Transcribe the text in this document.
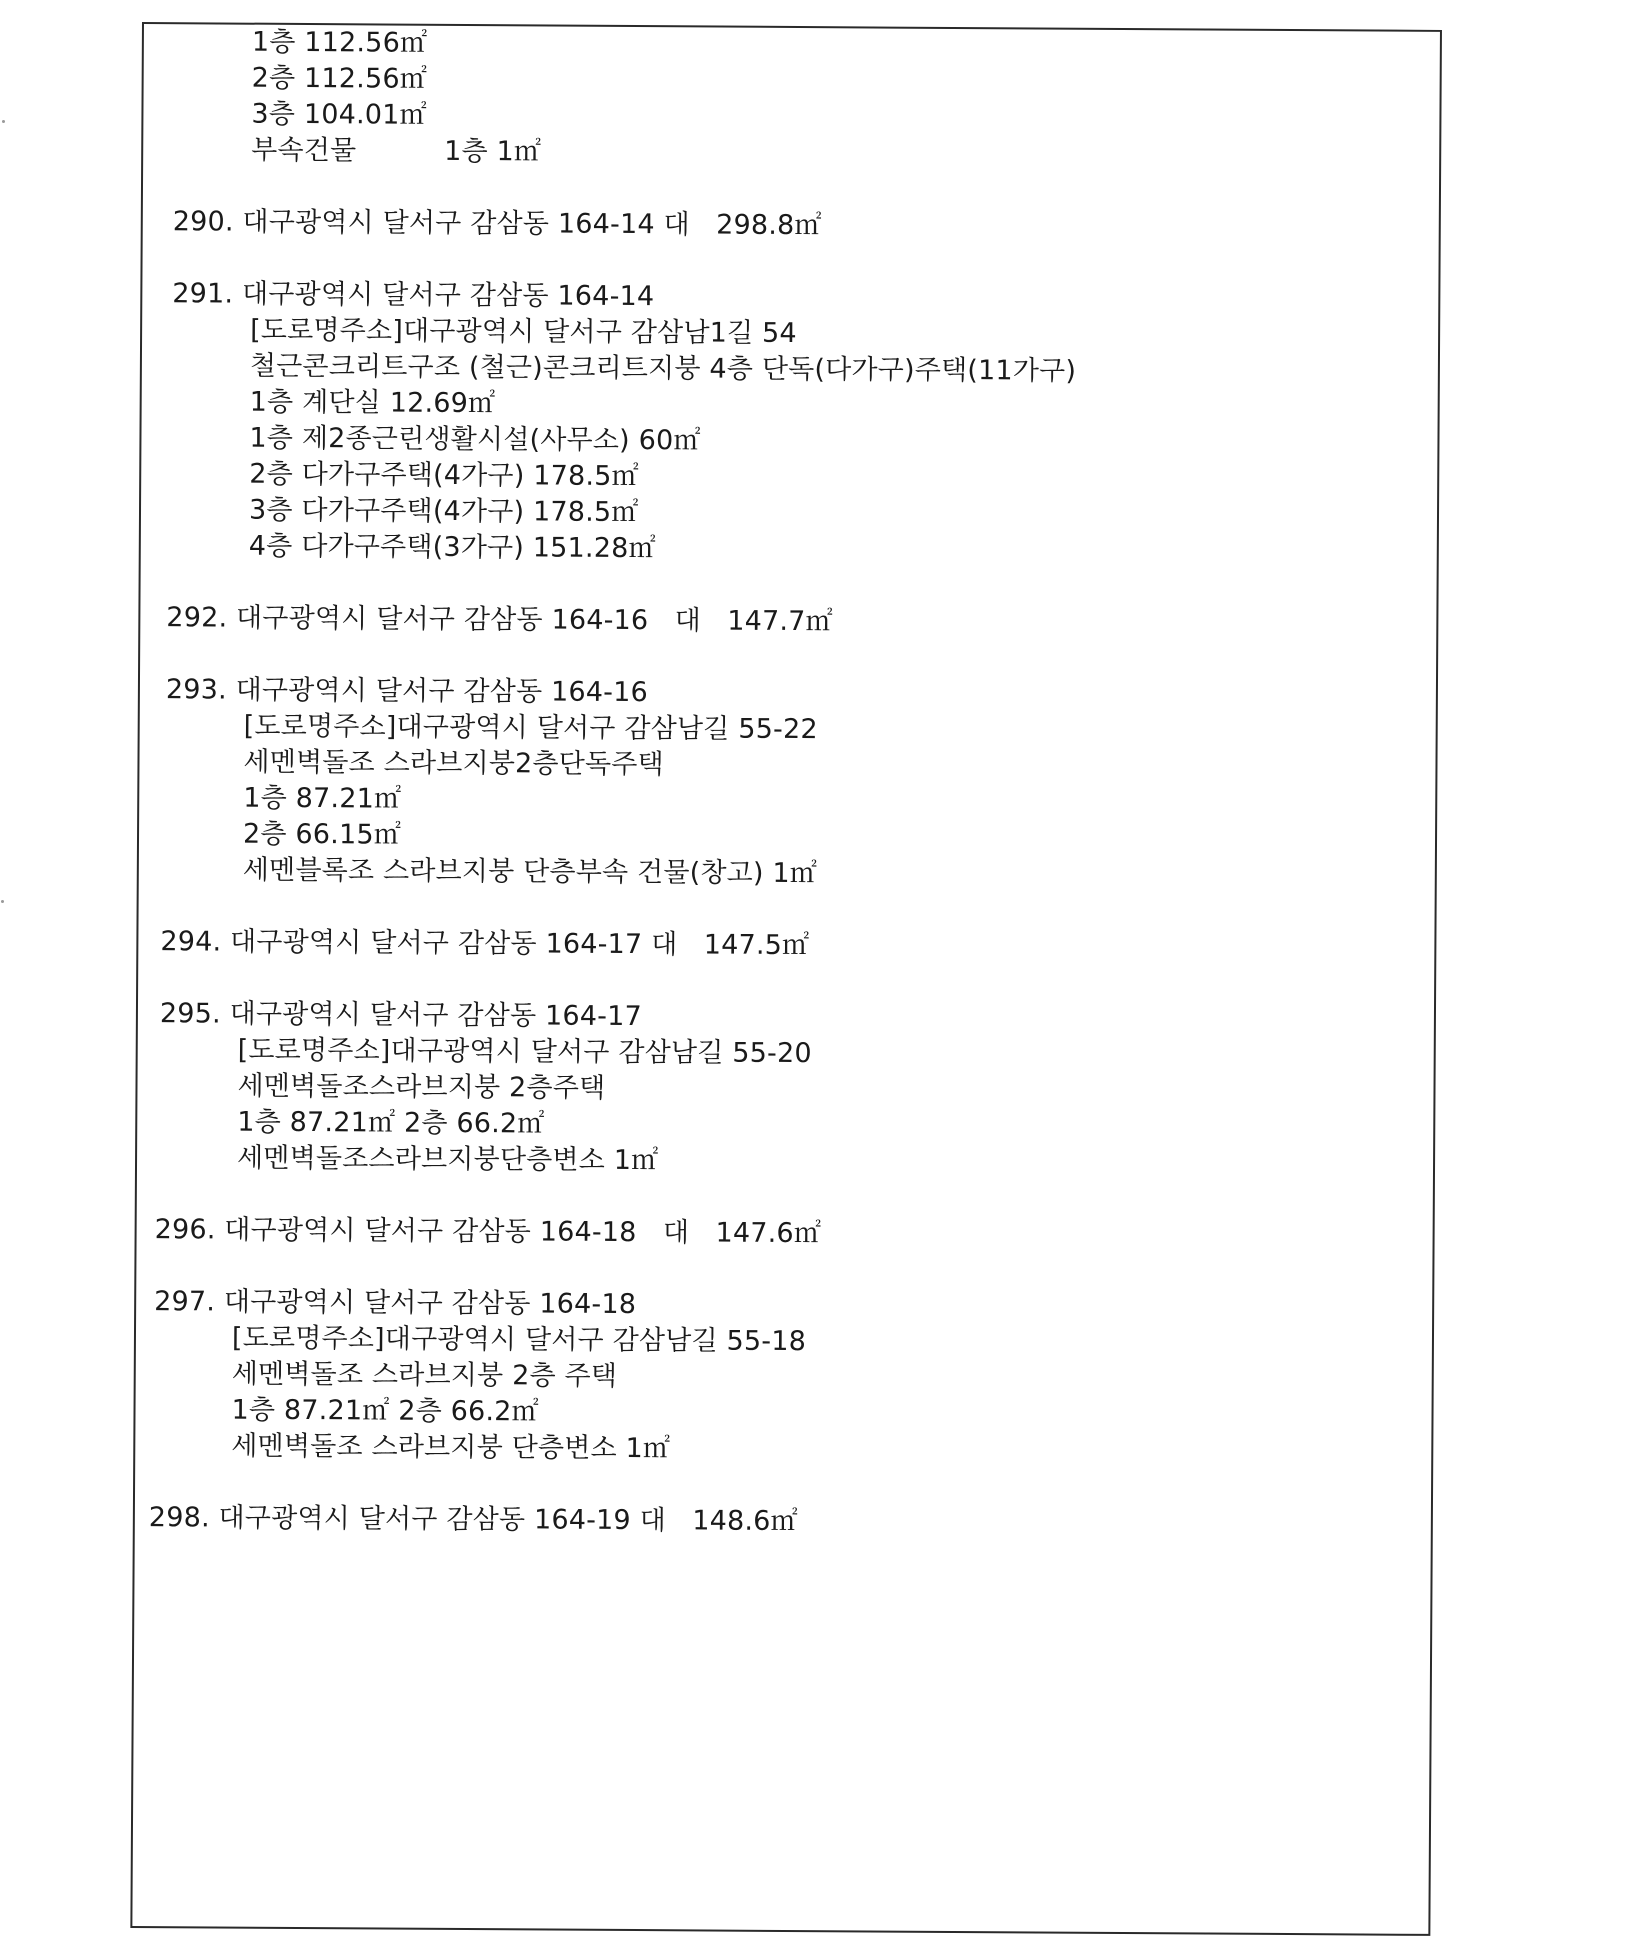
1층 112.56㎡
2층 112.56㎡
3층 104.01㎡
부속건물          1층 1㎡
290. 대구광역시 달서구 감삼동 164-14 대   298.8㎡
291. 대구광역시 달서구 감삼동 164-14
[도로명주소]대구광역시 달서구 감삼남1길 54
철근콘크리트구조 (철근)콘크리트지붕 4층 단독(다가구)주택(11가구)
1층 계단실 12.69㎡
1층 제2종근린생활시설(사무소) 60㎡
2층 다가구주택(4가구) 178.5㎡
3층 다가구주택(4가구) 178.5㎡
4층 다가구주택(3가구) 151.28㎡
292. 대구광역시 달서구 감삼동 164-16   대   147.7㎡
293. 대구광역시 달서구 감삼동 164-16
[도로명주소]대구광역시 달서구 감삼남길 55-22
세멘벽돌조 스라브지붕2층단독주택
1층 87.21㎡
2층 66.15㎡
세멘블록조 스라브지붕 단층부속 건물(창고) 1㎡
294. 대구광역시 달서구 감삼동 164-17 대   147.5㎡
295. 대구광역시 달서구 감삼동 164-17
[도로명주소]대구광역시 달서구 감삼남길 55-20
세멘벽돌조스라브지붕 2층주택
1층 87.21㎡ 2층 66.2㎡
세멘벽돌조스라브지붕단층변소 1㎡
296. 대구광역시 달서구 감삼동 164-18   대   147.6㎡
297. 대구광역시 달서구 감삼동 164-18
[도로명주소]대구광역시 달서구 감삼남길 55-18
세멘벽돌조 스라브지붕 2층 주택
1층 87.21㎡ 2층 66.2㎡
세멘벽돌조 스라브지붕 단층변소 1㎡
298. 대구광역시 달서구 감삼동 164-19 대   148.6㎡
